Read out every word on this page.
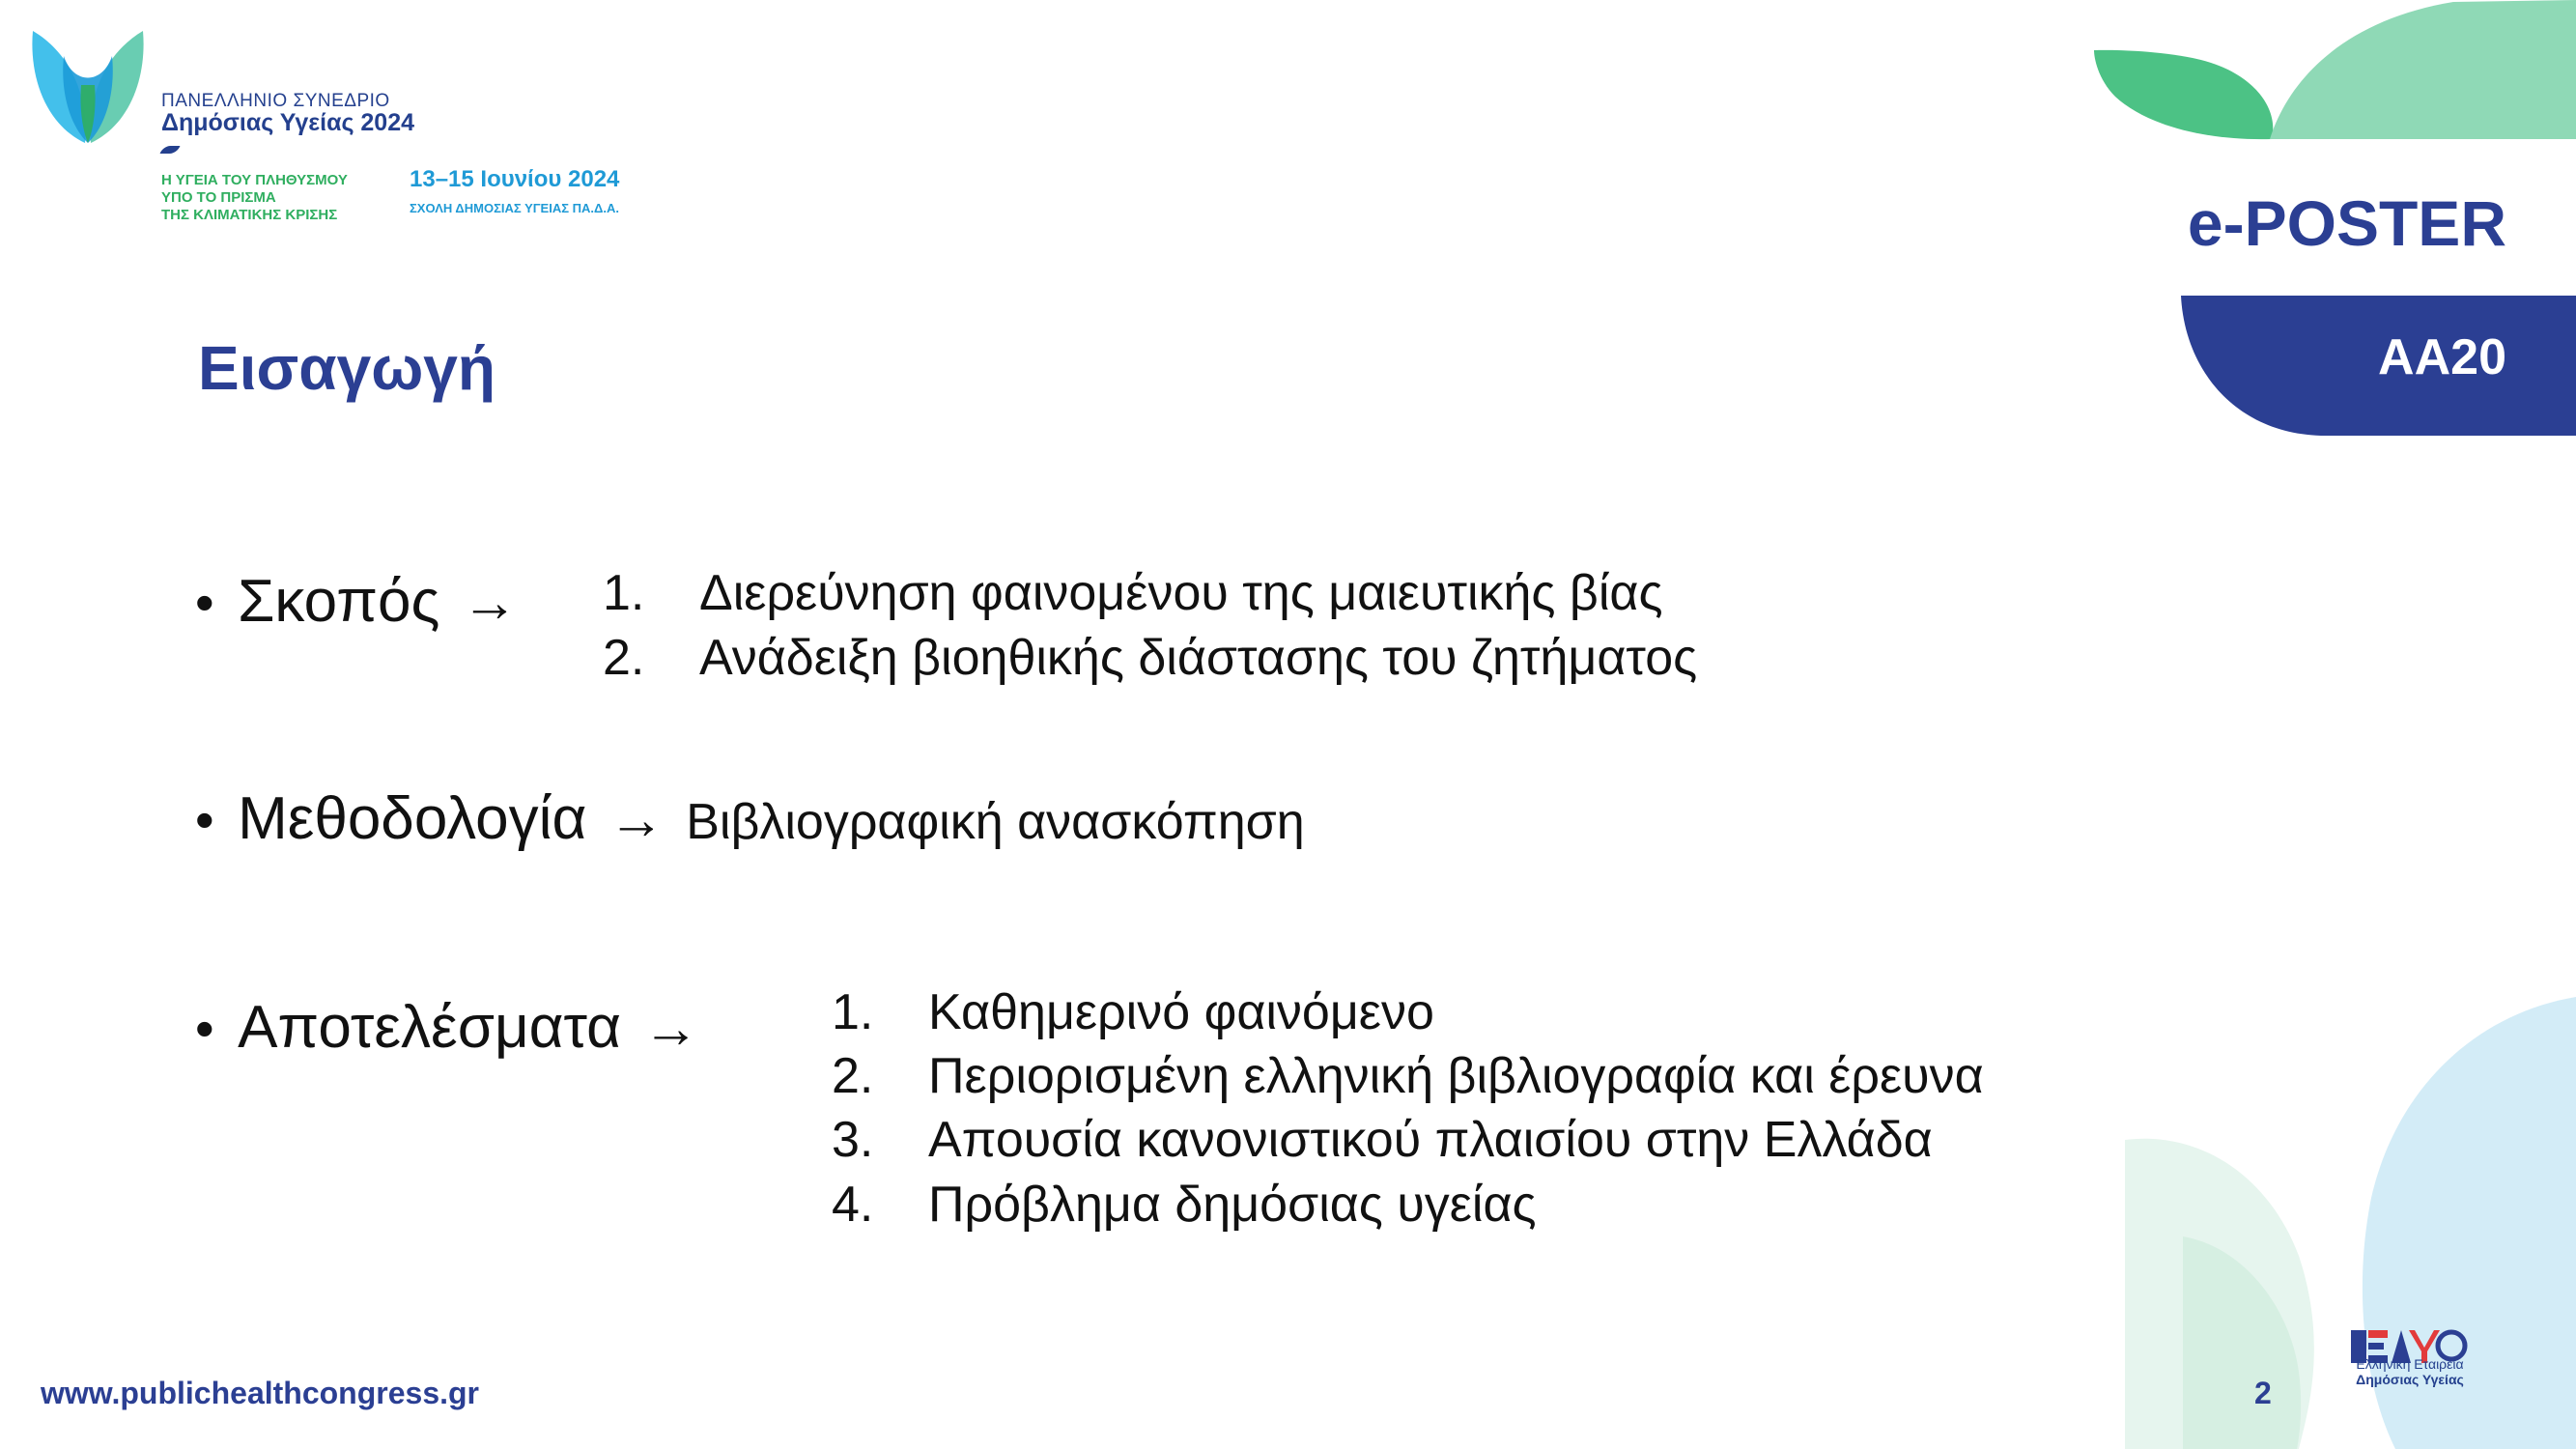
ΠΑΝΕΛΛΗΝΙΟ ΣΥΝΕΔΡΙΟ
Δημόσιας Υγείας 2024
Η ΥΓΕΙΑ ΤΟΥ ΠΛΗΘΥΣΜΟΥ
ΥΠΟ ΤΟ ΠΡΙΣΜΑ
ΤΗΣ ΚΛΙΜΑΤΙΚΗΣ ΚΡΙΣΗΣ
13–15 Ιουνίου 2024
ΣΧΟΛΗ ΔΗΜΟΣΙΑΣ ΥΓΕΙΑΣ ΠΑ.Δ.Α.	e-POSTER
AA20
Ελληνική Εταιρεία
Δημόσιας Υγείας
Εισαγωγή
• Σκοπός → 1. Διερεύνηση φαινομένου της μαιευτικής βίας
2. Ανάδειξη βιοηθικής διάστασης του ζητήματος
• Μεθοδολογία → Βιβλιογραφική ανασκόπηση
• Αποτελέσματα →	1. Καθημερινό φαινόμενο
2. Περιορισμένη ελληνική βιβλιογραφία και έρευνα
3. Απουσία κανονιστικού πλαισίου στην Ελλάδα
4. Πρόβλημα δημόσιας υγείας
www.publichealthcongress.gr	2
